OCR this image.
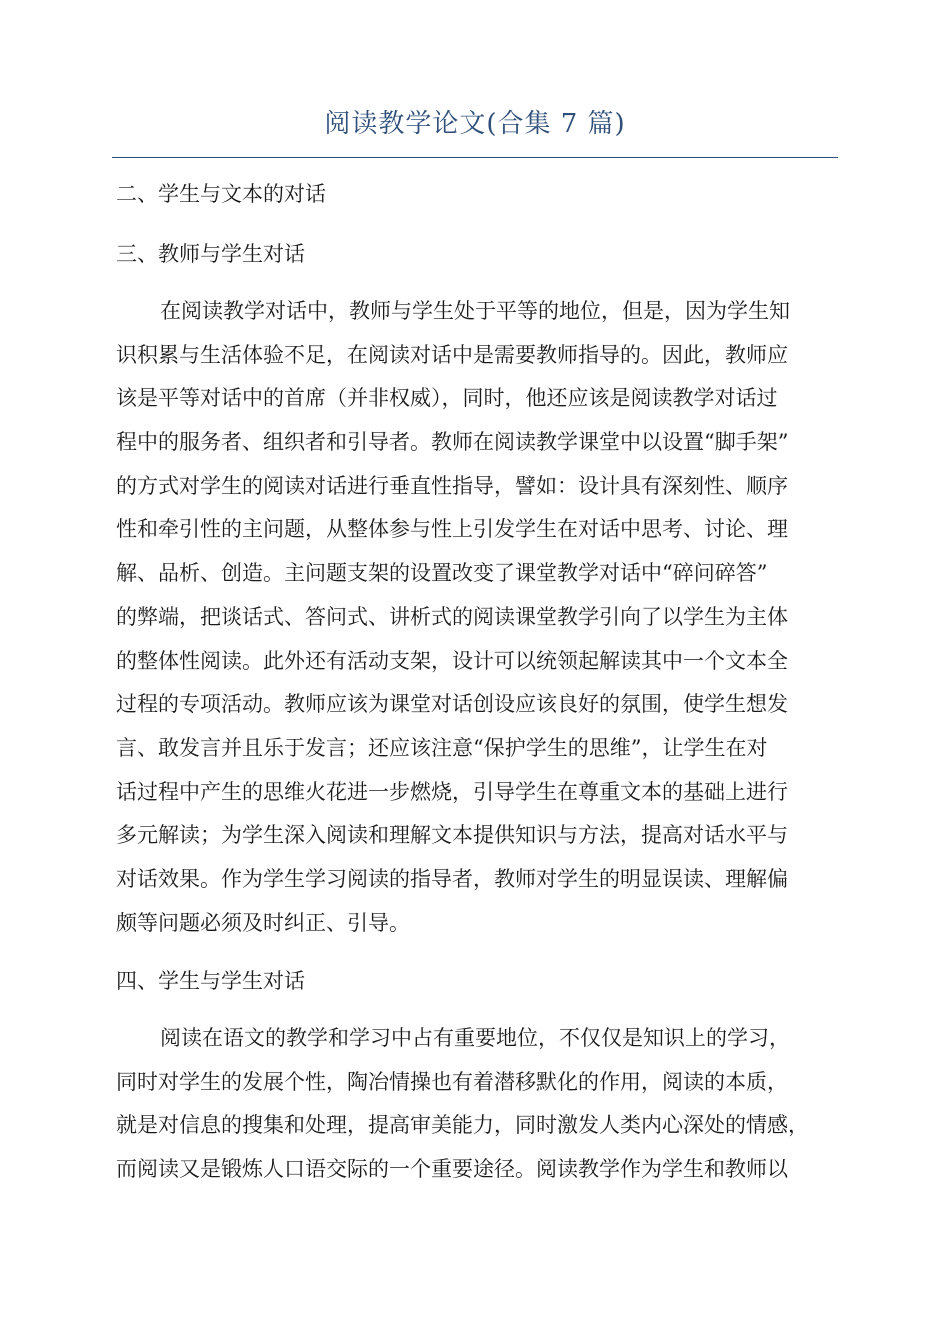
阅读教学论文(合集 7 篇)

二、学生与文本的对话

三、教师与学生对话

在阅读教学对话中，教师与学生处于平等的地位，但是，因为学生知
识积累与生活体验不足，在阅读对话中是需要教师指导的。因此，教师应
该是平等对话中的首席（并非权威），同时，他还应该是阅读教学对话过
程中的服务者、组织者和引导者。教师在阅读教学课堂中以设置“脚手架”
的方式对学生的阅读对话进行垂直性指导，譬如：设计具有深刻性、顺序
性和牵引性的主问题，从整体参与性上引发学生在对话中思考、讨论、理
解、品析、创造。主问题支架的设置改变了课堂教学对话中“碎问碎答”
的弊端，把谈话式、答问式、讲析式的阅读课堂教学引向了以学生为主体
的整体性阅读。此外还有活动支架，设计可以统领起解读其中一个文本全
过程的专项活动。教师应该为课堂对话创设应该良好的氛围，使学生想发
言、敢发言并且乐于发言；还应该注意“保护学生的思维”，让学生在对
话过程中产生的思维火花进一步燃烧，引导学生在尊重文本的基础上进行
多元解读；为学生深入阅读和理解文本提供知识与方法，提高对话水平与
对话效果。作为学生学习阅读的指导者，教师对学生的明显误读、理解偏
颇等问题必须及时纠正、引导。

四、学生与学生对话

阅读在语文的教学和学习中占有重要地位，不仅仅是知识上的学习，
同时对学生的发展个性，陶冶情操也有着潜移默化的作用，阅读的本质，
就是对信息的搜集和处理，提高审美能力，同时激发人类内心深处的情感，
而阅读又是锻炼人口语交际的一个重要途径。阅读教学作为学生和教师以
